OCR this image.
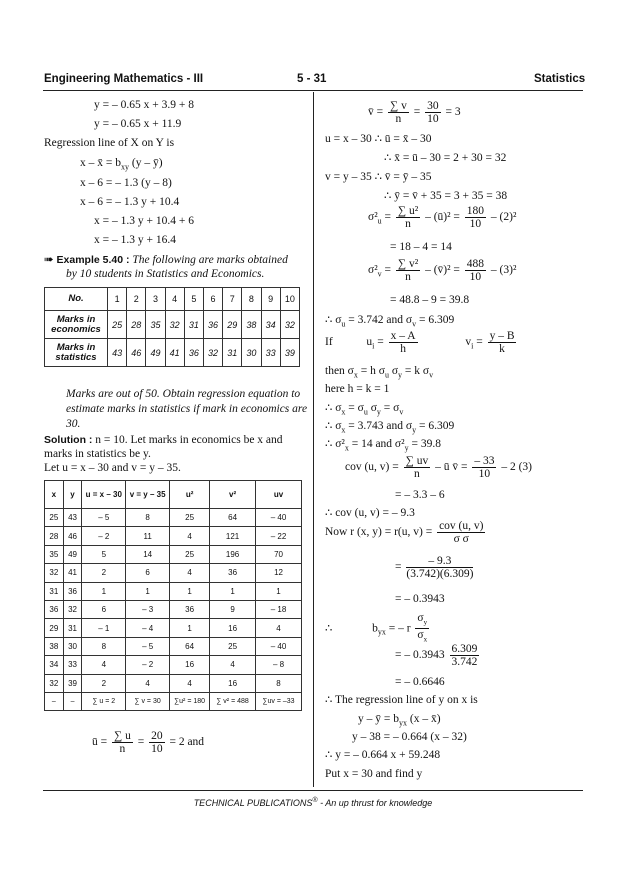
Engineering Mathematics - III	5 - 31	Statistics
y = – 0.65 x + 3.9 + 8
y = – 0.65 x + 11.9
Regression line of X on Y is
x – x̄ = $b_{xy}$ (y – ȳ)
x – 6 = – 1.3 (y – 8)
x – 6 = – 1.3 y + 10.4
x = – 1.3 y + 10.4 + 6
x = – 1.3 y + 16.4
➠ Example 5.40 : The following are marks obtained
by 10 students in Statistics and Economics.
No.	1	2	3	4	5	6	7	8	9	10
Marks in economics	25	28	35	32	31	36	29	38	34	32
Marks in statistics	43	46	49	41	36	32	31	30	33	39
Marks are out of 50. Obtain regression equation to
estimate marks in statistics if mark in economics are
30.
Solution : n = 10. Let marks in economics be x and
marks in statistics be y.
Let u = x – 30 and v = y – 35.
x	y	u = x – 30	v = y – 35	u²	v²	uv
25	43	– 5	8	25	64	– 40
28	46	– 2	11	4	121	– 22
35	49	5	14	25	196	70
32	41	2	6	4	36	12
31	36	1	1	1	1	1
36	32	6	– 3	36	9	– 18
29	31	– 1	– 4	1	16	4
38	30	8	– 5	64	25	– 40
34	33	4	– 2	16	4	– 8
32	39	2	4	4	16	8
–	–	∑ u = 2	∑ v = 30	∑u² = 180	∑ v² = 488	∑uv = –33
ū = $\frac{\sum u}{n} = \frac{20}{10} = 2$ and
v̄ = $\frac{\sum v}{n} = \frac{30}{10} = 3$
u = x – 30 ∴ ū = x̄ – 30
∴ x̄ = ū – 30 = 2 + 30 = 32
v = y – 35 ∴ v̄ = ȳ – 35
∴ ȳ = v̄ + 35 = 3 + 35 = 38
$\sigma^2_u = \frac{\text{∑ u²}}{n}$ – (ū)² = $\frac{180}{10} - (2)^2$
= 18 – 4 = 14
$\sigma^2_v = \frac{\text{∑ v²}}{n}$ – (v̄)² = $\frac{488}{10} - (3)^2$
= 48.8 – 9 = 39.8
∴ $\sigma_u = 3.742$ and $\sigma_v = 6.309$
If	$u_i = \frac{x - A}{h}$	$v_i = \frac{y - B}{k}$
then $\sigma_x = h$ $\sigma_u$ $\sigma_y = k$ $\sigma_v$
here h = k = 1
∴ $\sigma_x = \sigma_u$ $\sigma_y = \sigma_v$
∴ $\sigma_x = 3.743$ and $\sigma_y = 6.309$
∴ $\sigma^2_x = 14$ and $\sigma^2_y = 39.8$
cov (u, $v) = \frac{\sum uv}{n}$ – ū v̄ = $\frac{- 33}{10} - 2$ (3)
= – 3.3 – 6
∴ cov (u, v) = – 9.3
Now r (x, y) = r(u, $v) = \frac{\text{cov (u, v)}}{\text{σ σ}}$
= $\frac{- 9.3}{(3.742)(6.309)}$
= – 0.3943
∴	$b_{yx}$ = – r $\frac{\sigma_y}{\sigma_x}$
= – $0.3943 \frac{6.309}{3.742}$
= – 0.6646
∴ The regression line of y on x is
y – ȳ = $b_{yx}$ (x – x̄)
y – 38 = – 0.664 (x – 32)
∴ y = – 0.664 x + 59.248
Put x = 30 and find y
TECHNICAL PUBLICATIONS® - An up thrust for knowledge
